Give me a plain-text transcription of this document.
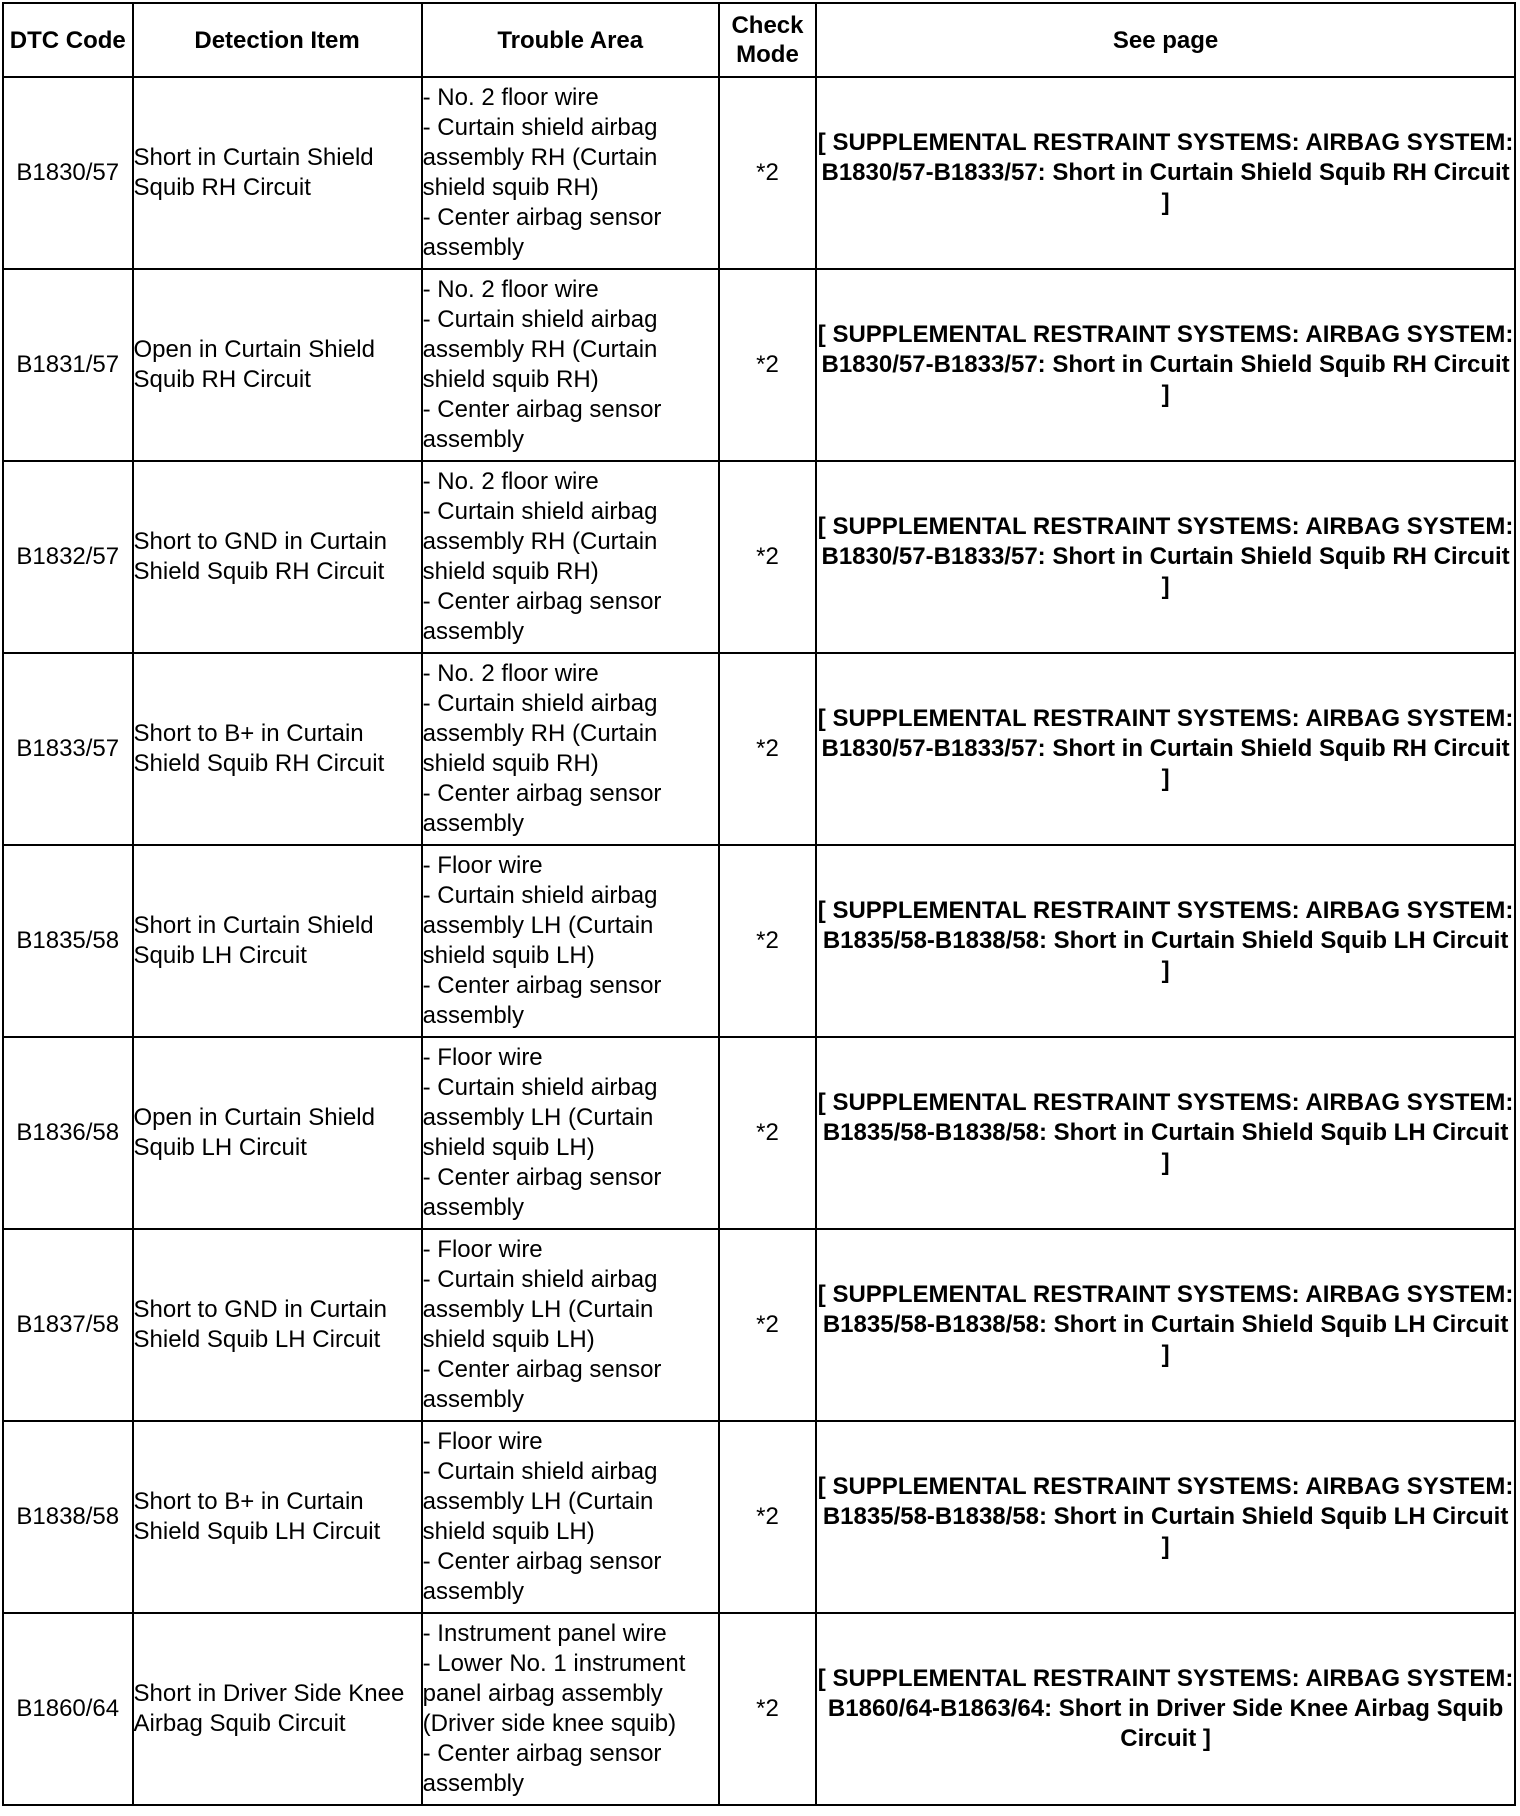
DTC Code	Detection Item	Trouble Area	Check Mode	See page
B1830/57	Short in Curtain Shield Squib RH Circuit	- No. 2 floor wire
- Curtain shield airbag assembly RH (Curtain shield squib RH)
- Center airbag sensor assembly	*2	[ SUPPLEMENTAL RESTRAINT SYSTEMS: AIRBAG SYSTEM: B1830/57-B1833/57: Short in Curtain Shield Squib RH Circuit ]
B1831/57	Open in Curtain Shield Squib RH Circuit	- No. 2 floor wire
- Curtain shield airbag assembly RH (Curtain shield squib RH)
- Center airbag sensor assembly	*2	[ SUPPLEMENTAL RESTRAINT SYSTEMS: AIRBAG SYSTEM: B1830/57-B1833/57: Short in Curtain Shield Squib RH Circuit ]
B1832/57	Short to GND in Curtain Shield Squib RH Circuit	- No. 2 floor wire
- Curtain shield airbag assembly RH (Curtain shield squib RH)
- Center airbag sensor assembly	*2	[ SUPPLEMENTAL RESTRAINT SYSTEMS: AIRBAG SYSTEM: B1830/57-B1833/57: Short in Curtain Shield Squib RH Circuit ]
B1833/57	Short to B+ in Curtain Shield Squib RH Circuit	- No. 2 floor wire
- Curtain shield airbag assembly RH (Curtain shield squib RH)
- Center airbag sensor assembly	*2	[ SUPPLEMENTAL RESTRAINT SYSTEMS: AIRBAG SYSTEM: B1830/57-B1833/57: Short in Curtain Shield Squib RH Circuit ]
B1835/58	Short in Curtain Shield Squib LH Circuit	- Floor wire
- Curtain shield airbag assembly LH (Curtain shield squib LH)
- Center airbag sensor assembly	*2	[ SUPPLEMENTAL RESTRAINT SYSTEMS: AIRBAG SYSTEM: B1835/58-B1838/58: Short in Curtain Shield Squib LH Circuit ]
B1836/58	Open in Curtain Shield Squib LH Circuit	- Floor wire
- Curtain shield airbag assembly LH (Curtain shield squib LH)
- Center airbag sensor assembly	*2	[ SUPPLEMENTAL RESTRAINT SYSTEMS: AIRBAG SYSTEM: B1835/58-B1838/58: Short in Curtain Shield Squib LH Circuit ]
B1837/58	Short to GND in Curtain Shield Squib LH Circuit	- Floor wire
- Curtain shield airbag assembly LH (Curtain shield squib LH)
- Center airbag sensor assembly	*2	[ SUPPLEMENTAL RESTRAINT SYSTEMS: AIRBAG SYSTEM: B1835/58-B1838/58: Short in Curtain Shield Squib LH Circuit ]
B1838/58	Short to B+ in Curtain Shield Squib LH Circuit	- Floor wire
- Curtain shield airbag assembly LH (Curtain shield squib LH)
- Center airbag sensor assembly	*2	[ SUPPLEMENTAL RESTRAINT SYSTEMS: AIRBAG SYSTEM: B1835/58-B1838/58: Short in Curtain Shield Squib LH Circuit ]
B1860/64	Short in Driver Side Knee Airbag Squib Circuit	- Instrument panel wire
- Lower No. 1 instrument panel airbag assembly (Driver side knee squib)
- Center airbag sensor assembly	*2	[ SUPPLEMENTAL RESTRAINT SYSTEMS: AIRBAG SYSTEM: B1860/64-B1863/64: Short in Driver Side Knee Airbag Squib Circuit ]
